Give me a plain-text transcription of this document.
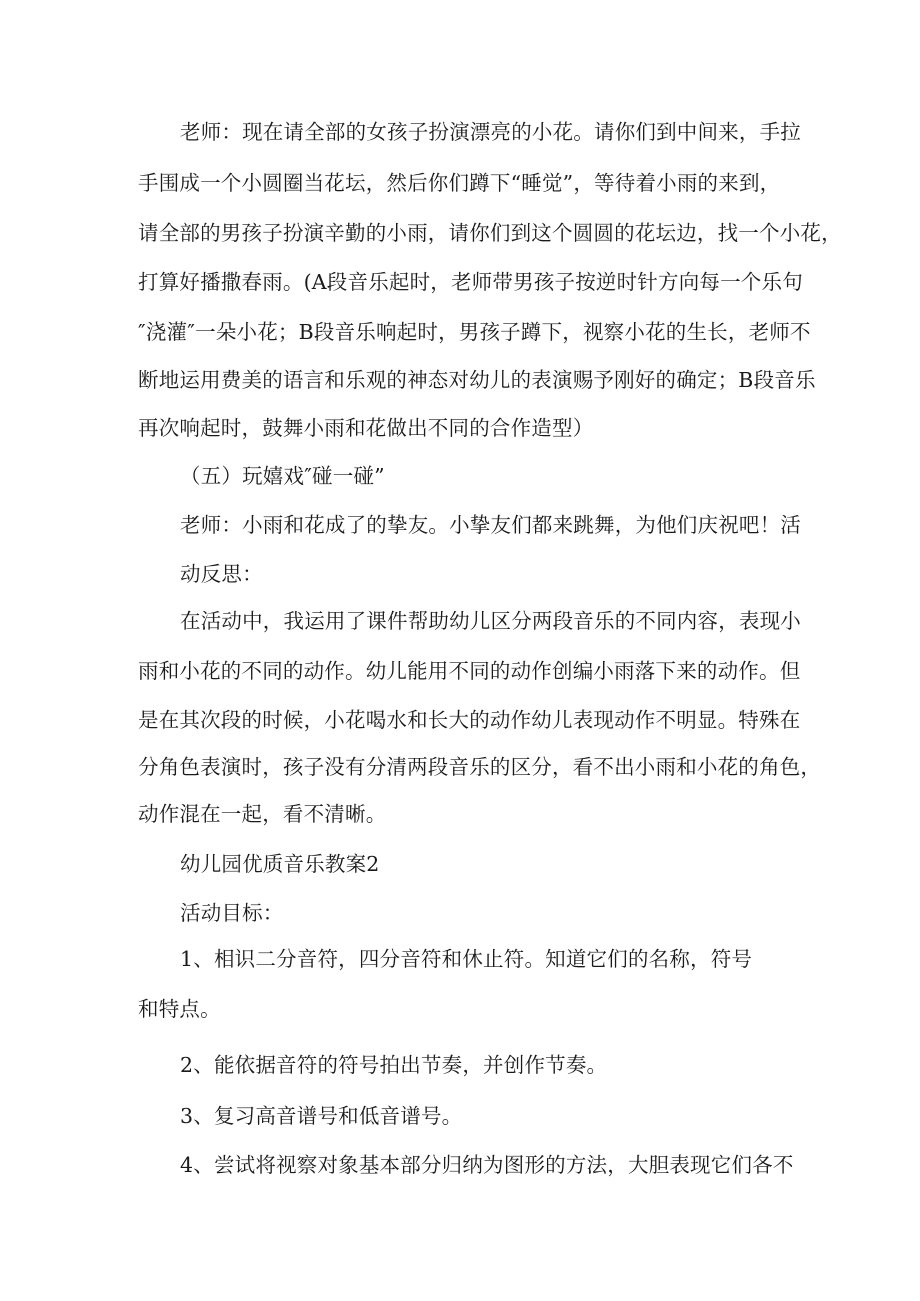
老师：现在请全部的女孩子扮演漂亮的小花。请你们到中间来，手拉
手围成一个小圆圈当花坛，然后你们蹲下“睡觉”，等待着小雨的来到，
请全部的男孩子扮演辛勤的小雨，请你们到这个圆圆的花坛边，找一个小花，
打算好播撒春雨。(A段音乐起时，老师带男孩子按逆时针方向每一个乐句
″浇灌″一朵小花；B段音乐响起时，男孩子蹲下，视察小花的生长，老师不
断地运用费美的语言和乐观的神态对幼儿的表演赐予刚好的确定；B段音乐
再次响起时，鼓舞小雨和花做出不同的合作造型）
（五）玩嬉戏″碰一碰”
老师：小雨和花成了的挚友。小挚友们都来跳舞，为他们庆祝吧！活
动反思：
在活动中，我运用了课件帮助幼儿区分两段音乐的不同内容，表现小
雨和小花的不同的动作。幼儿能用不同的动作创编小雨落下来的动作。但
是在其次段的时候，小花喝水和长大的动作幼儿表现动作不明显。特殊在
分角色表演时，孩子没有分清两段音乐的区分，看不出小雨和小花的角色，
动作混在一起，看不清晰。
幼儿园优质音乐教案2
活动目标：
1、相识二分音符，四分音符和休止符。知道它们的名称，符号
和特点。
2、能依据音符的符号拍出节奏，并创作节奏。
3、复习高音谱号和低音谱号。
4、尝试将视察对象基本部分归纳为图形的方法，大胆表现它们各不
